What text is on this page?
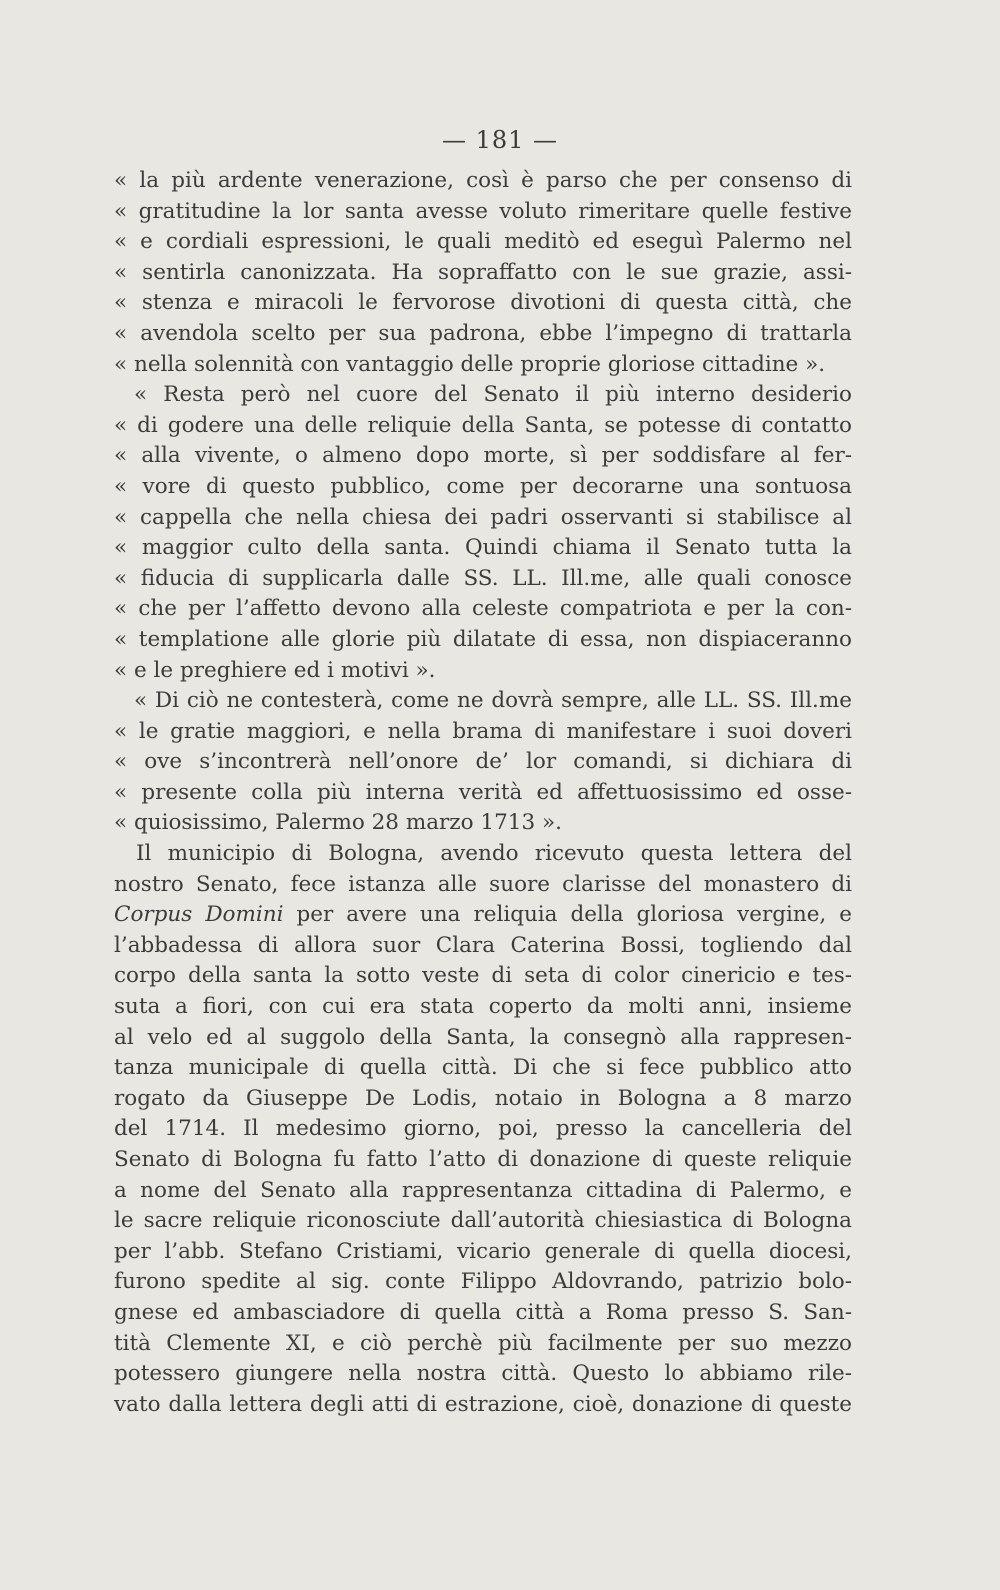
— 181 —
« la più ardente venerazione, così è parso che per consenso di
« gratitudine la lor santa avesse voluto rimeritare quelle festive
« e cordiali espressioni, le quali meditò ed eseguì Palermo nel
« sentirla canonizzata. Ha sopraffatto con le sue grazie, assi-
« stenza e miracoli le fervorose divotioni di questa città, che
« avendola scelto per sua padrona, ebbe l’impegno di trattarla
« nella solennità con vantaggio delle proprie gloriose cittadine ».
« Resta però nel cuore del Senato il più interno desiderio
« di godere una delle reliquie della Santa, se potesse di contatto
« alla vivente, o almeno dopo morte, sì per soddisfare al fer-
« vore di questo pubblico, come per decorarne una sontuosa
« cappella che nella chiesa dei padri osservanti si stabilisce al
« maggior culto della santa. Quindi chiama il Senato tutta la
« fiducia di supplicarla dalle SS. LL. Ill.me, alle quali conosce
« che per l’affetto devono alla celeste compatriota e per la con-
« templatione alle glorie più dilatate di essa, non dispiaceranno
« e le preghiere ed i motivi ».
« Di ciò ne contesterà, come ne dovrà sempre, alle LL. SS. Ill.me
« le gratie maggiori, e nella brama di manifestare i suoi doveri
« ove s’incontrerà nell’onore de’ lor comandi, si dichiara di
« presente colla più interna verità ed affettuosissimo ed osse-
« quiosissimo, Palermo 28 marzo 1713 ».
Il municipio di Bologna, avendo ricevuto questa lettera del
nostro Senato, fece istanza alle suore clarisse del monastero di
Corpus Domini per avere una reliquia della gloriosa vergine, e
l’abbadessa di allora suor Clara Caterina Bossi, togliendo dal
corpo della santa la sotto veste di seta di color cinericio e tes-
suta a fiori, con cui era stata coperto da molti anni, insieme
al velo ed al suggolo della Santa, la consegnò alla rappresen-
tanza municipale di quella città. Di che si fece pubblico atto
rogato da Giuseppe De Lodis, notaio in Bologna a 8 marzo
del 1714. Il medesimo giorno, poi, presso la cancelleria del
Senato di Bologna fu fatto l’atto di donazione di queste reliquie
a nome del Senato alla rappresentanza cittadina di Palermo, e
le sacre reliquie riconosciute dall’autorità chiesiastica di Bologna
per l’abb. Stefano Cristiami, vicario generale di quella diocesi,
furono spedite al sig. conte Filippo Aldovrando, patrizio bolo-
gnese ed ambasciadore di quella città a Roma presso S. San-
tità Clemente XI, e ciò perchè più facilmente per suo mezzo
potessero giungere nella nostra città. Questo lo abbiamo rile-
vato dalla lettera degli atti di estrazione, cioè, donazione di queste
